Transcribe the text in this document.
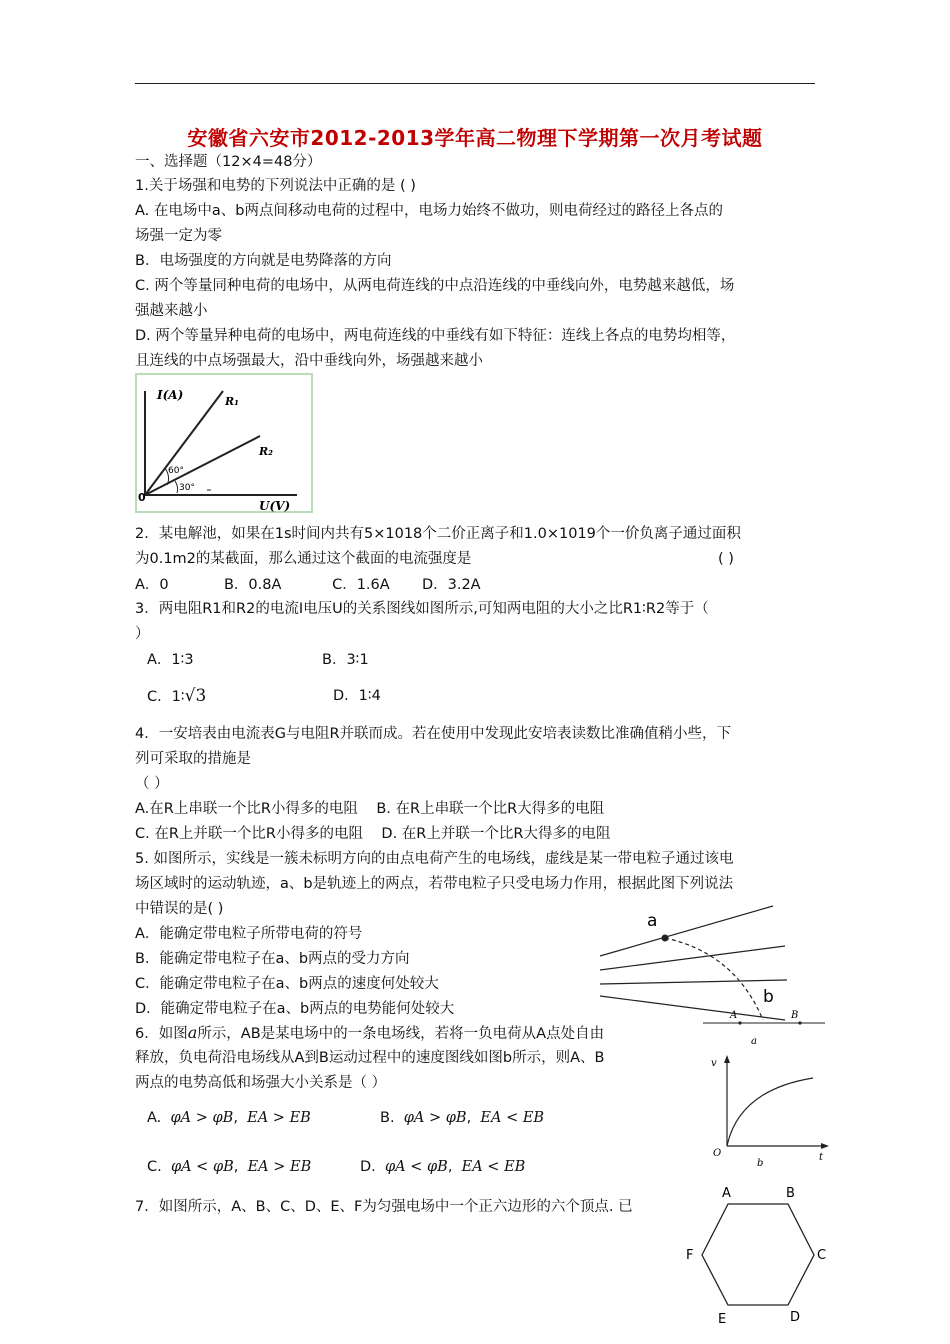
安徽省六安市2012-2013学年高二物理下学期第一次月考试题
一、选择题（12×4=48分）
1.关于场强和电势的下列说法中正确的是 ( )
A. 在电场中a、b两点间移动电荷的过程中，电场力始终不做功，则电荷经过的路径上各点的
场强一定为零
B．电场强度的方向就是电势降落的方向
C. 两个等量同种电荷的电场中，从两电荷连线的中点沿连线的中垂线向外，电势越来越低，场
强越来越小
D. 两个等量异种电荷的电场中，两电荷连线的中垂线有如下特征：连线上各点的电势均相等，
且连线的中点场强最大，沿中垂线向外，场强越来越小
I(A)
U(V)
R₁
R₂
60°
30°
0
2．某电解池，如果在1s时间内共有5×1018个二价正离子和1.0×1019个一价负离子通过面积
为0.1m2的某截面，那么通过这个截面的电流强度是	( )
A．0            B．0.8A           C．1.6A       D．3.2A
3．两电阻R1和R2的电流I电压U的关系图线如图所示,可知两电阻的大小之比R1∶R2等于（
）
A．1∶3	B．3∶1
C．1∶√3	D．1∶4
4．一安培表由电流表G与电阻R并联而成。若在使用中发现此安培表读数比准确值稍小些，下
列可采取的措施是
（ ）
A.在R上串联一个比R小得多的电阻    B. 在R上串联一个比R大得多的电阻
C. 在R上并联一个比R小得多的电阻    D. 在R上并联一个比R大得多的电阻
5. 如图所示，实线是一簇未标明方向的由点电荷产生的电场线，虚线是某一带电粒子通过该电
场区域时的运动轨迹，a、b是轨迹上的两点，若带电粒子只受电场力作用，根据此图下列说法
中错误的是( )
A．能确定带电粒子所带电荷的符号
B．能确定带电粒子在a、b两点的受力方向
C．能确定带电粒子在a、b两点的速度何处较大
D．能确定带电粒子在a、b两点的电势能何处较大
a
b
A	B
a
6．如图a所示，AB是某电场中的一条电场线，若将一负电荷从A点处自由
释放，负电荷沿电场线从A到B运动过程中的速度图线如图b所示，则A、B
两点的电势高低和场强大小关系是（ ）
A. φA > φB, EA > EB	B. φA > φB, EA < EB
C. φA < φB, EA > EB	D. φA < φB, EA < EB
v
t
O
b
7．如图所示，A、B、C、D、E、F为匀强电场中一个正六边形的六个顶点. 已
A	B
C
D
E
F
